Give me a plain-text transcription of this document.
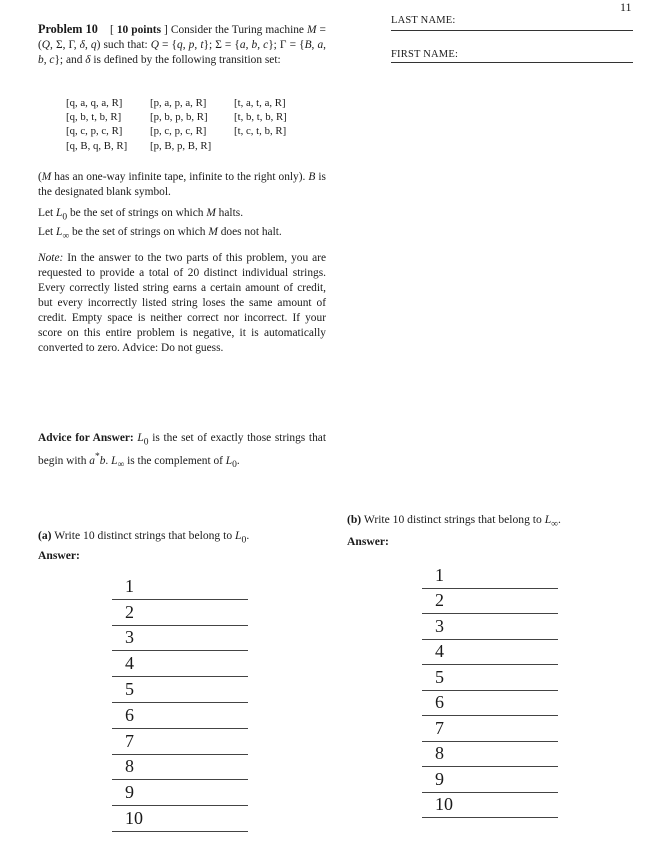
11
LAST NAME:
FIRST NAME:

Problem 10 [ 10 points ] Consider the Turing machine M = (Q, Σ, Γ, δ, q) such that: Q = {q, p, t}; Σ = {a, b, c}; Γ = {B, a, b, c}; and δ is defined by the following transition set:

[q, a, q, a, R]	[p, a, p, a, R]	[t, a, t, a, R]
[q, b, t, b, R]	[p, b, p, b, R]	[t, b, t, b, R]
[q, c, p, c, R]	[p, c, p, c, R]	[t, c, t, b, R]
[q, B, q, B, R]	[p, B, p, B, R]

(M has an one-way infinite tape, infinite to the right only). B is the designated blank symbol.

Let $L_0$ be the set of strings on which M halts.

Let $L_\infty$ be the set of strings on which M does not halt.

Note: In the answer to the two parts of this problem, you are requested to provide a total of 20 distinct individual strings. Every correctly listed string earns a certain amount of credit, but every incorrectly listed string loses the same amount of credit. Empty space is neither correct nor incorrect. If your score on this entire problem is negative, it is automatically converted to zero. Advice: Do not guess.

Advice for Answer: $L_0$ is the set of exactly those strings that begin with a*b. $L_\infty$ is the complement of $L_0$.

(a) Write 10 distinct strings that belong to $L_0$.
Answer:
1
2
3
4
5
6
7
8
9
10
(b) Write 10 distinct strings that belong to $L_\infty$.
Answer:
1
2
3
4
5
6
7
8
9
10
